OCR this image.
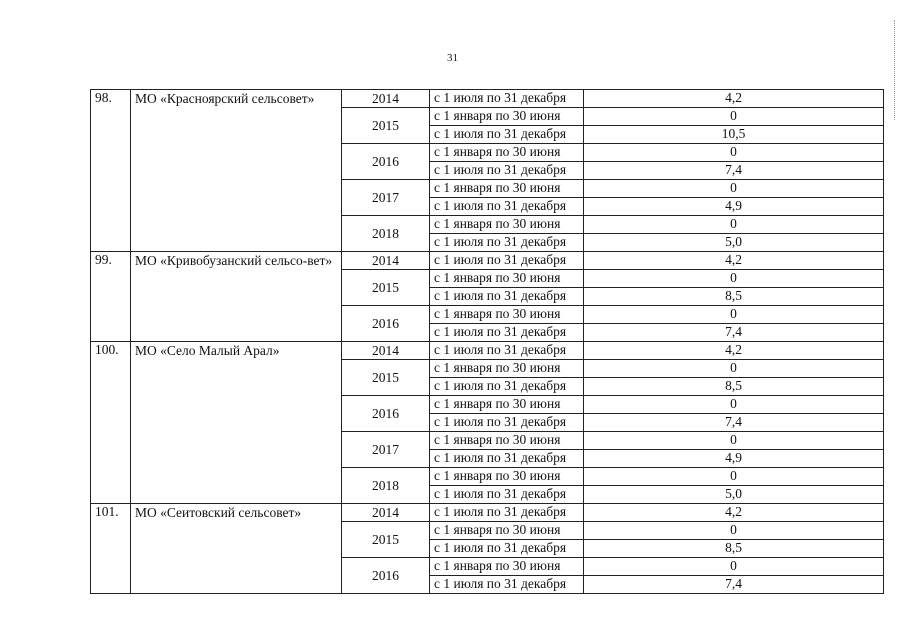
31
98.	МО «Красноярский сельсовет»	2014	с 1 июля по 31 декабря	4,2
		2015	с 1 января по 30 июня	0
			с 1 июля по 31 декабря	10,5
		2016	с 1 января по 30 июня	0
			с 1 июля по 31 декабря	7,4
		2017	с 1 января по 30 июня	0
			с 1 июля по 31 декабря	4,9
		2018	с 1 января по 30 июня	0
			с 1 июля по 31 декабря	5,0
99.	МО «Кривобузанский сельсо-вет»	2014	с 1 июля по 31 декабря	4,2
		2015	с 1 января по 30 июня	0
			с 1 июля по 31 декабря	8,5
		2016	с 1 января по 30 июня	0
			с 1 июля по 31 декабря	7,4
100.	МО «Село Малый Арал»	2014	с 1 июля по 31 декабря	4,2
		2015	с 1 января по 30 июня	0
			с 1 июля по 31 декабря	8,5
		2016	с 1 января по 30 июня	0
			с 1 июля по 31 декабря	7,4
		2017	с 1 января по 30 июня	0
			с 1 июля по 31 декабря	4,9
		2018	с 1 января по 30 июня	0
			с 1 июля по 31 декабря	5,0
101.	МО «Сеитовский сельсовет»	2014	с 1 июля по 31 декабря	4,2
		2015	с 1 января по 30 июня	0
			с 1 июля по 31 декабря	8,5
		2016	с 1 января по 30 июня	0
			с 1 июля по 31 декабря	7,4
